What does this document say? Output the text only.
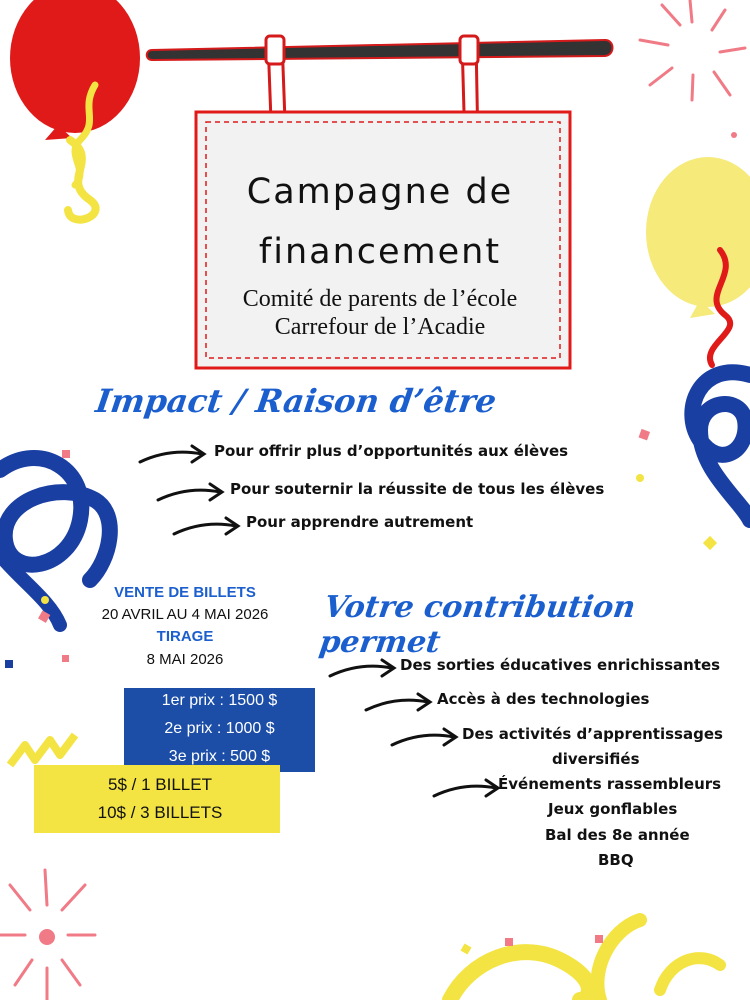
Campagne de
financement
Comité de parents de l’école
Carrefour de l’Acadie
Impact / Raison d’être
Pour offrir plus d’opportunités aux élèves
Pour souternir la réussite de tous les élèves
Pour apprendre autrement
VENTE DE BILLETS
20 AVRIL AU 4 MAI 2026
TIRAGE
8 MAI 2026
1er prix : 1500 $
2e prix : 1000 $
3e prix : 500 $
5$ / 1 BILLET
10$ / 3 BILLETS
Votre contribution permet
Des sorties éducatives enrichissantes
Accès à des technologies
Des activités d’apprentissages
diversifiés
Événements rassembleurs
Jeux gonflables
Bal des 8e année
BBQ
